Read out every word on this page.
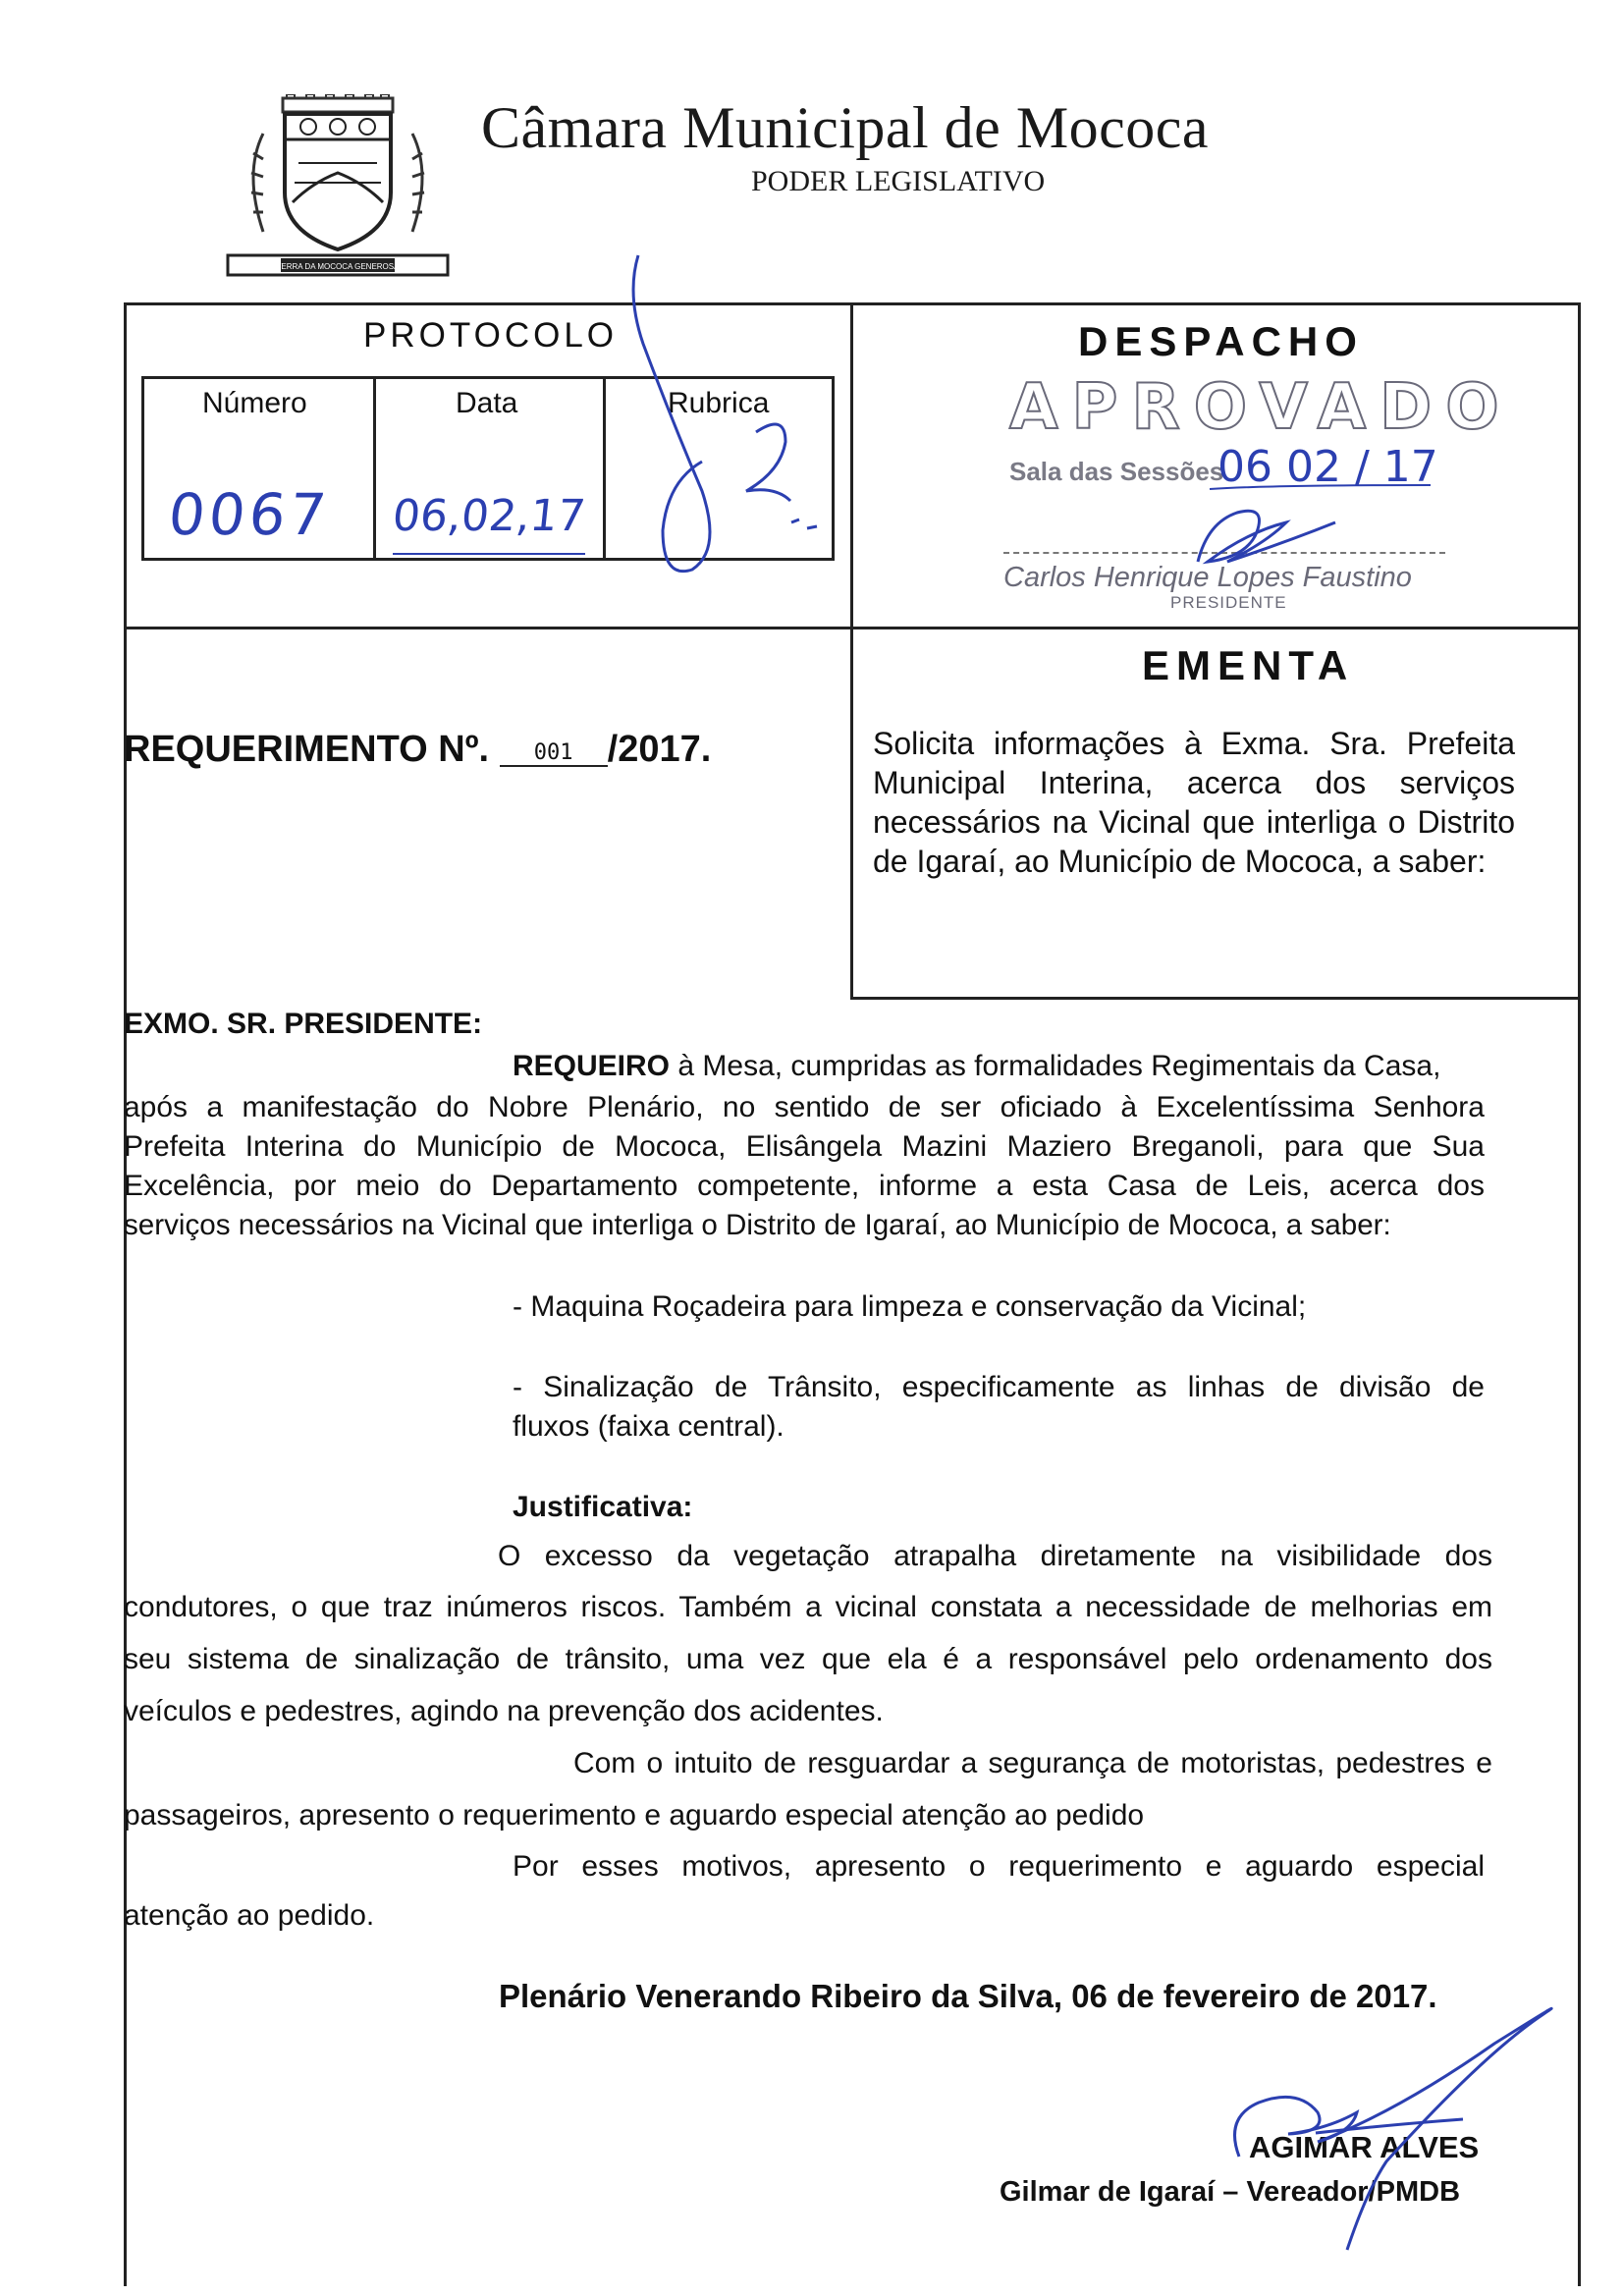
TERRA DA MOCOCA GENEROSA
Câmara Municipal de Mococa
PODER LEGISLATIVO
PROTOCOLO
Número	Data	Rubrica
0067 06,02,17
DESPACHO
APROVADO
Sala das Sessões
06 02 / 17
Carlos Henrique Lopes Faustino
PRESIDENTE
EMENTA
Solicita informações à Exma. Sra. Prefeita Municipal Interina, acerca dos serviços necessários na Vicinal que interliga o Distrito de Igaraí, ao Município de Mococa, a saber:
REQUERIMENTO Nº. 001 /2017.
EXMO. SR. PRESIDENTE:
REQUEIRO à Mesa, cumpridas as formalidades Regimentais da Casa,
após a manifestação do Nobre Plenário, no sentido de ser oficiado à Excelentíssima Senhora
Prefeita Interina do Município de Mococa, Elisângela Mazini Maziero Breganoli, para que Sua
Excelência, por meio do Departamento competente, informe a esta Casa de Leis, acerca dos
serviços necessários na Vicinal que interliga o Distrito de Igaraí, ao Município de Mococa, a saber:
- Maquina Roçadeira para limpeza e conservação da Vicinal;
- Sinalização de Trânsito, especificamente as linhas de divisão de
fluxos (faixa central).
Justificativa:
O excesso da vegetação atrapalha diretamente na visibilidade dos
condutores, o que traz inúmeros riscos. Também a vicinal constata a necessidade de melhorias em
seu sistema de sinalização de trânsito, uma vez que ela é a responsável pelo ordenamento dos
veículos e pedestres, agindo na prevenção dos acidentes.
Com o intuito de resguardar a segurança de motoristas, pedestres e
passageiros, apresento o requerimento e aguardo especial atenção ao pedido
Por esses motivos, apresento o requerimento e aguardo especial
atenção ao pedido.
Plenário Venerando Ribeiro da Silva, 06 de fevereiro de 2017.
AGIMAR ALVES
Gilmar de Igaraí – Vereador/PMDB
